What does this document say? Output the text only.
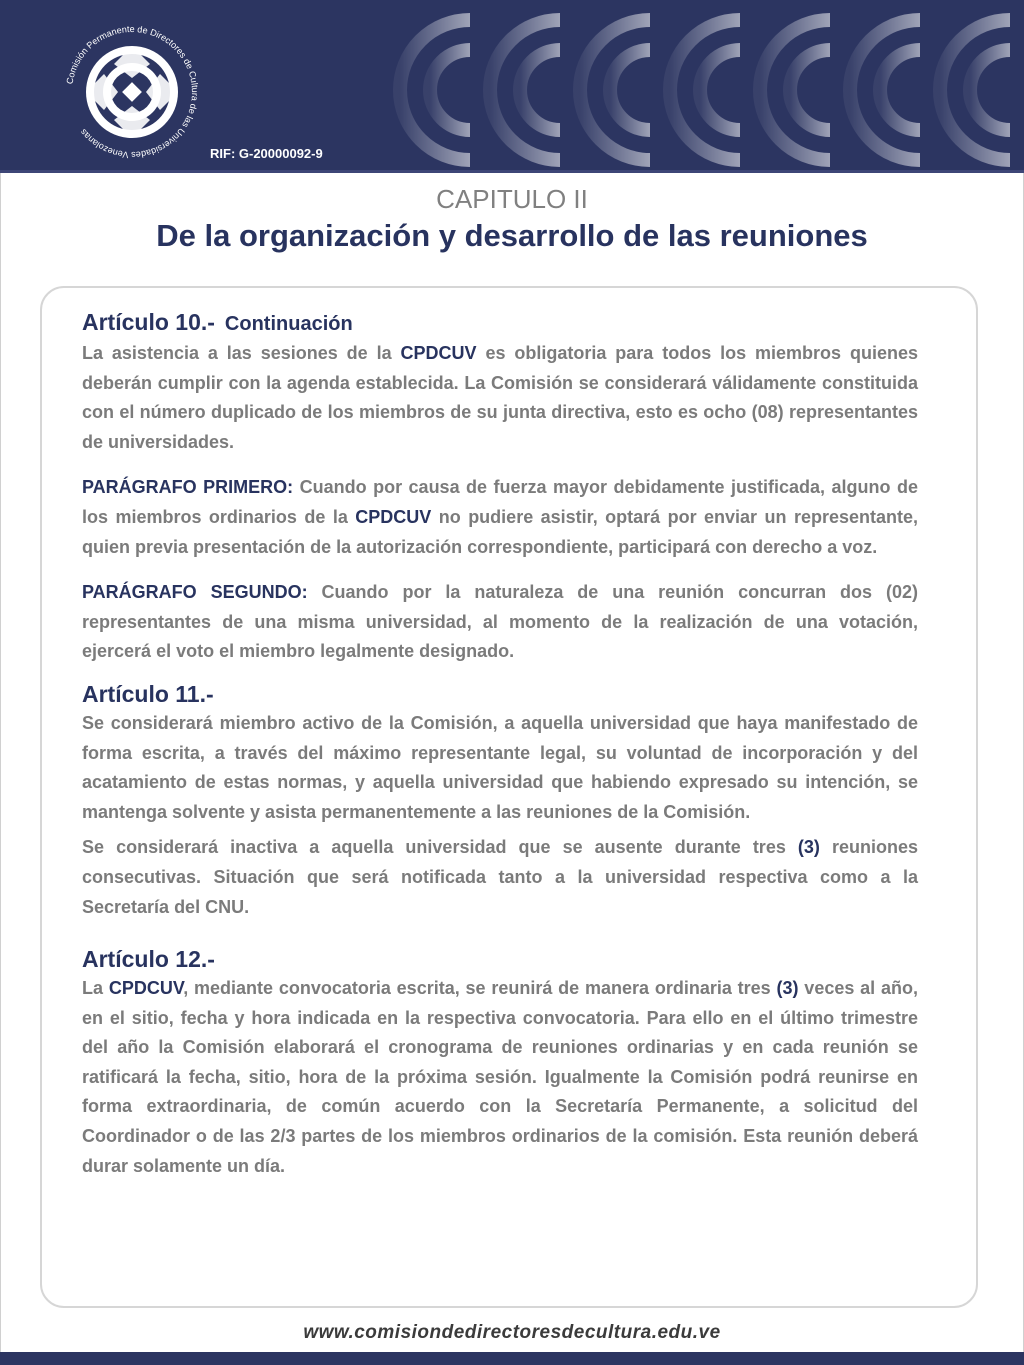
Comisión Permanente de Directores de Cultura de las Universidades Venezolanas
RIF: G-20000092-9
CAPITULO II
De la organización y desarrollo de las reuniones
Artículo 10.- Continuación

La asistencia a las sesiones de la CPDCUV es obligatoria para todos los miembros quienes deberán cumplir con la agenda establecida. La Comisión se considerará válidamente constituida con el número duplicado de los miembros de su junta directiva, esto es ocho (08) representantes de universidades.

PARÁGRAFO PRIMERO: Cuando por causa de fuerza mayor debidamente justificada, alguno de los miembros ordinarios de la CPDCUV no pudiere asistir, optará por enviar un representante, quien previa presentación de la autorización correspondiente, participará con derecho a voz.

PARÁGRAFO SEGUNDO: Cuando por la naturaleza de una reunión concurran dos (02) representantes de una misma universidad, al momento de la realización de una votación, ejercerá el voto el miembro legalmente designado.

Artículo 11.-

Se considerará miembro activo de la Comisión, a aquella universidad que haya manifestado de forma escrita, a través del máximo representante legal, su voluntad de incorporación y del acatamiento de estas normas, y aquella universidad que habiendo expresado su intención, se mantenga solvente y asista permanentemente a las reuniones de la Comisión.

Se considerará inactiva a aquella universidad que se ausente durante tres (3) reuniones consecutivas. Situación que será notificada tanto a la universidad respectiva como a la Secretaría del CNU.

Artículo 12.-

La CPDCUV, mediante convocatoria escrita, se reunirá de manera ordinaria tres (3) veces al año, en el sitio, fecha y hora indicada en la respectiva convocatoria. Para ello en el último trimestre del año la Comisión elaborará el cronograma de reuniones ordinarias y en cada reunión se ratificará la fecha, sitio, hora de la próxima sesión. Igualmente la Comisión podrá reunirse en forma extraordinaria, de común acuerdo con la Secretaría Permanente, a solicitud del Coordinador o de las 2/3 partes de los miembros ordinarios de la comisión. Esta reunión deberá durar solamente un día.

www.comisiondedirectoresdecultura.edu.ve
